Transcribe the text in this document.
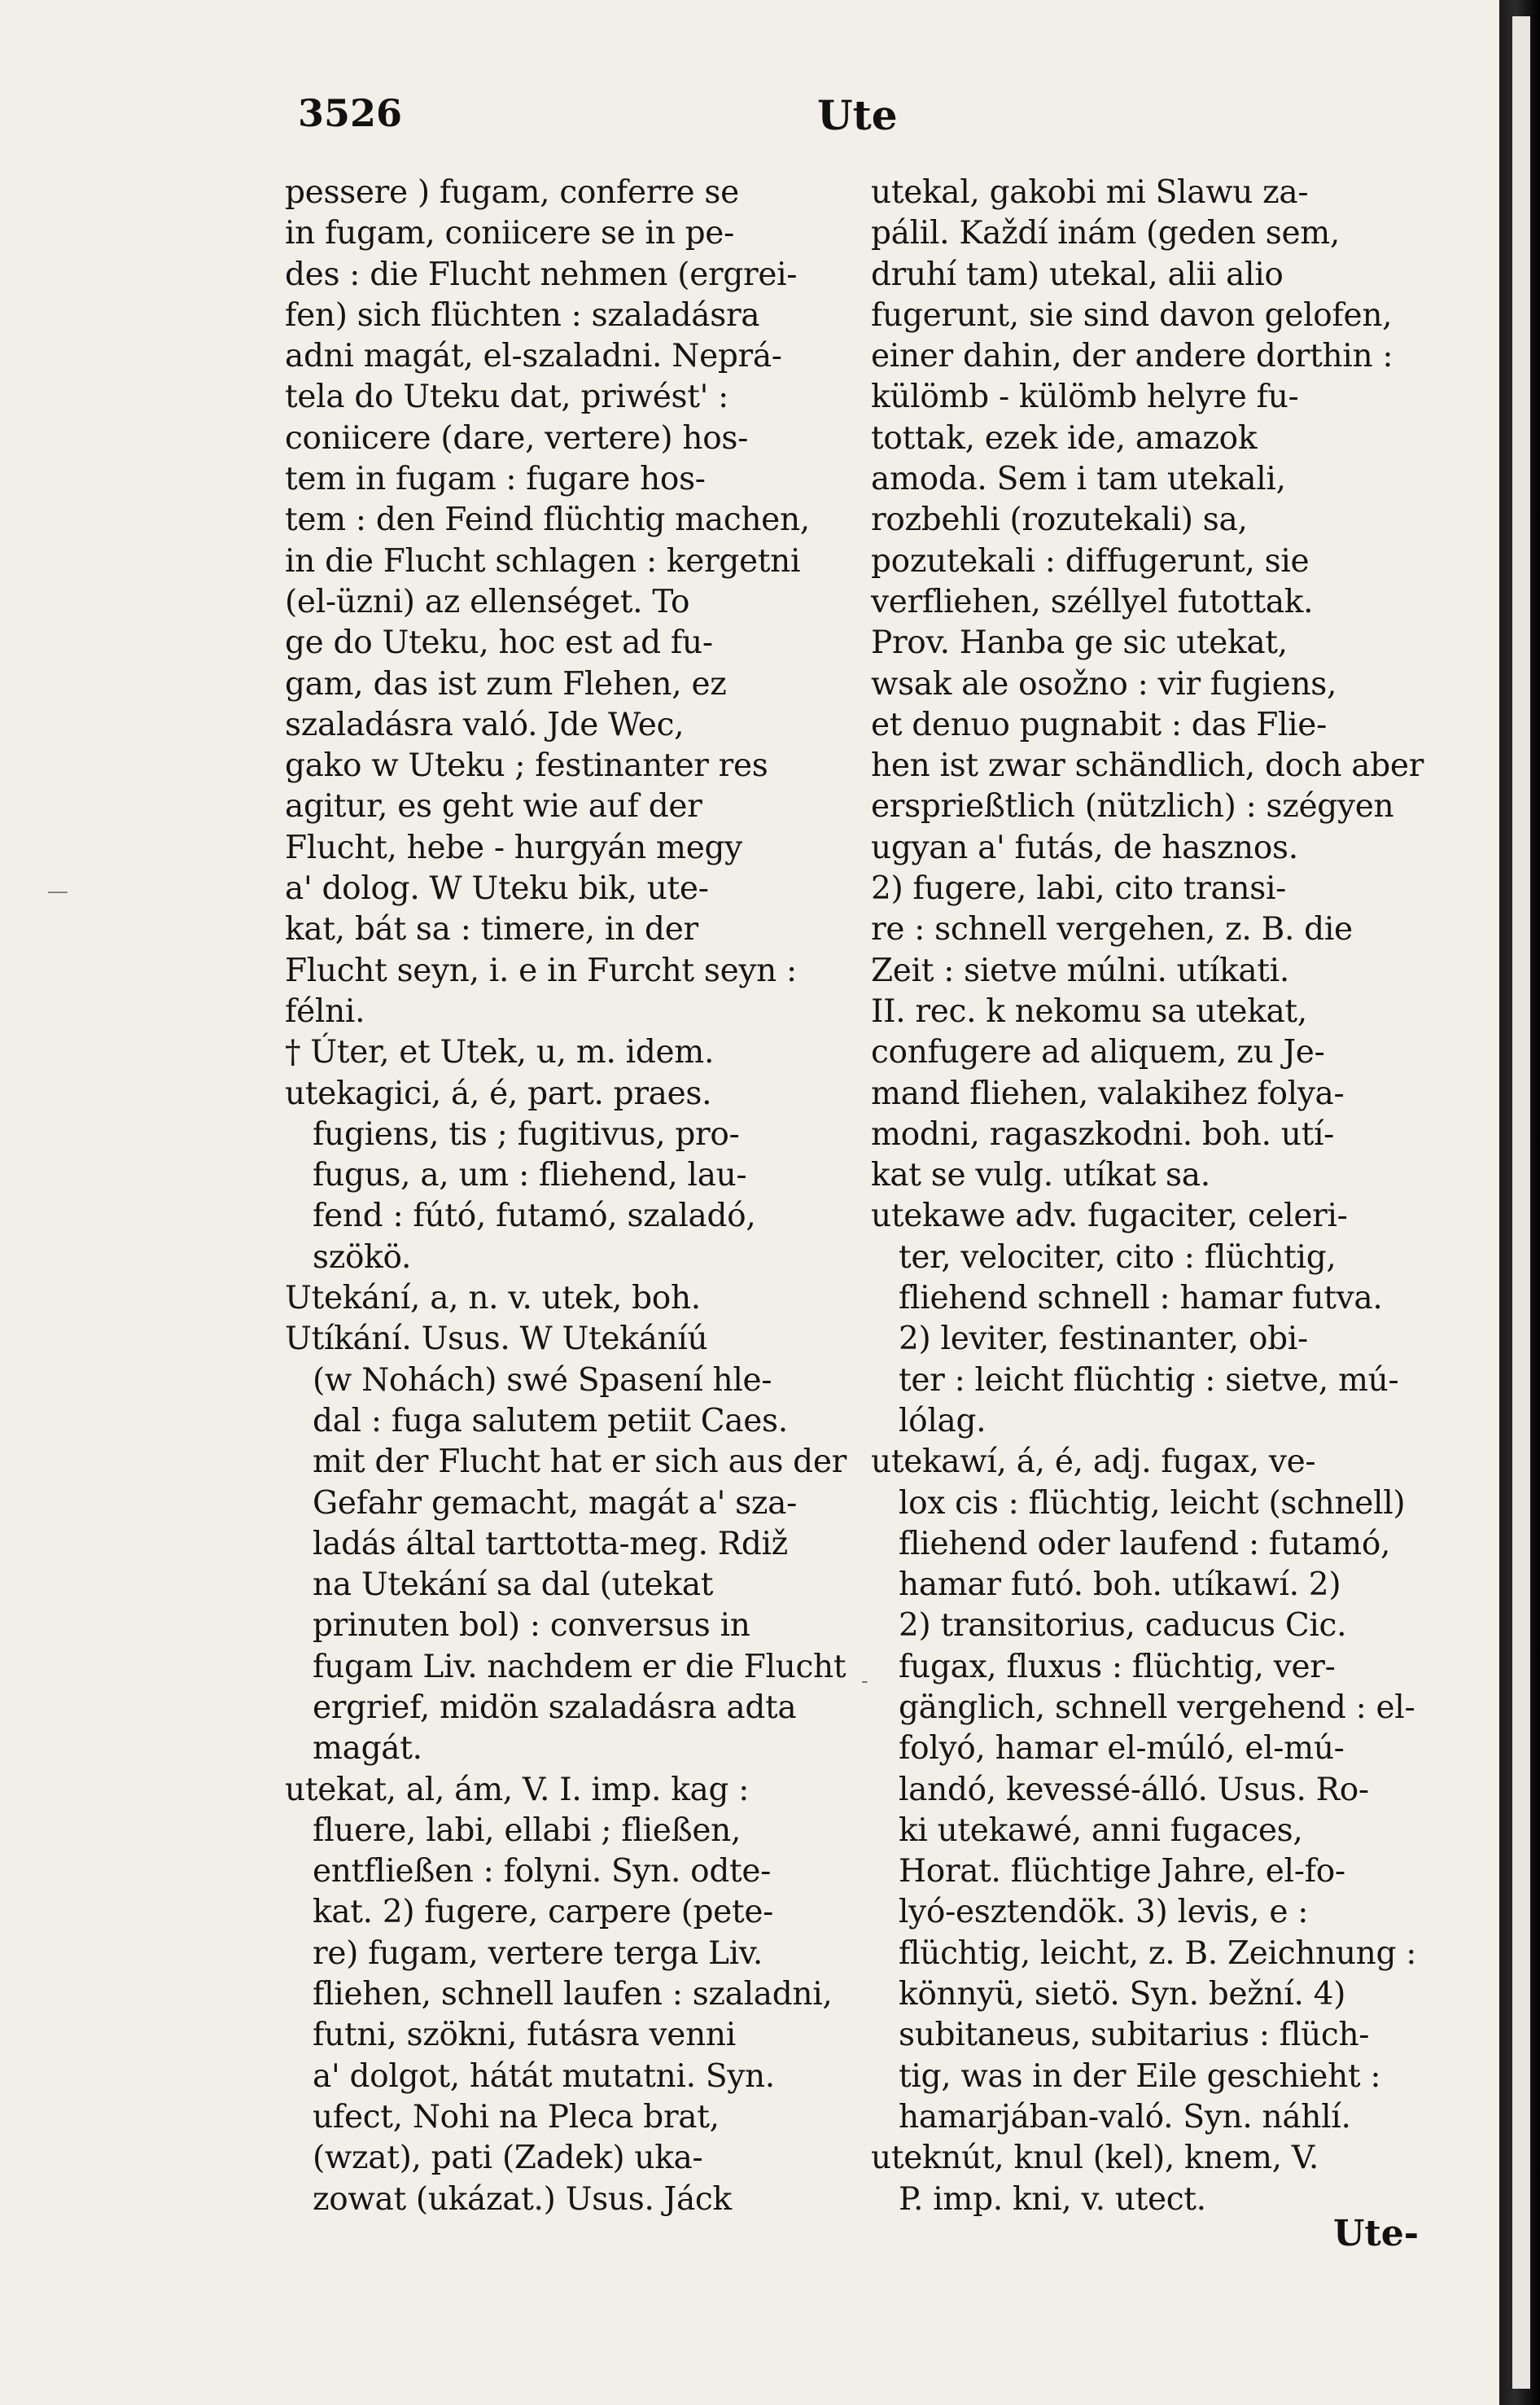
3526	Ute
pessere ) fugam, conferre se
in fugam, coniicere se in pe-
des : die Flucht nehmen (ergrei-
fen) sich flüchten : szaladásra
adni magát, el-szaladni. Neprá-
tela do Uteku dat, priwést' :
coniicere (dare, vertere) hos-
tem in fugam : fugare hos-
tem : den Feind flüchtig machen,
in die Flucht schlagen : kergetni
(el-üzni) az ellenséget. To
ge do Uteku, hoc est ad fu-
gam, das ist zum Flehen, ez
szaladásra való. Jde Wec,
gako w Uteku ; festinanter res
agitur, es geht wie auf der
Flucht, hebe - hurgyán megy
a' dolog. W Uteku bik, ute-
kat, bát sa : timere, in der
Flucht seyn, i. e in Furcht seyn :
félni.
† Úter, et Utek, u, m. idem.
utekagici, á, é, part. praes.
fugiens, tis ; fugitivus, pro-
fugus, a, um : fliehend, lau-
fend : fútó, futamó, szaladó,
szökö.
Utekání, a, n. v. utek, boh.
Utíkání. Usus. W Utekáníú
(w Nohách) swé Spasení hle-
dal : fuga salutem petiit Caes.
mit der Flucht hat er sich aus der
Gefahr gemacht, magát a' sza-
ladás által tarttotta-meg. Rdiž
na Utekání sa dal (utekat
prinuten bol) : conversus in
fugam Liv. nachdem er die Flucht
ergrief, midön szaladásra adta
magát.
utekat, al, ám, V. I. imp. kag :
fluere, labi, ellabi ; fließen,
entfließen : folyni. Syn. odte-
kat. 2) fugere, carpere (pete-
re) fugam, vertere terga Liv.
fliehen, schnell laufen : szaladni,
futni, szökni, futásra venni
a' dolgot, hátát mutatni. Syn.
ufect, Nohi na Pleca brat,
(wzat), pati (Zadek) uka-
zowat (ukázat.) Usus. Jáck
utekal, gakobi mi Slawu za-
pálil. Každí inám (geden sem,
druhí tam) utekal, alii alio
fugerunt, sie sind davon gelofen,
einer dahin, der andere dorthin :
külömb - külömb helyre fu-
tottak, ezek ide, amazok
amoda. Sem i tam utekali,
rozbehli (rozutekali) sa,
pozutekali : diffugerunt, sie
verfliehen, széllyel futottak.
Prov. Hanba ge sic utekat,
wsak ale osožno : vir fugiens,
et denuo pugnabit : das Flie-
hen ist zwar schändlich, doch aber
ersprießtlich (nützlich) : szégyen
ugyan a' futás, de hasznos.
2) fugere, labi, cito transi-
re : schnell vergehen, z. B. die
Zeit : sietve múlni. utíkati.
II. rec. k nekomu sa utekat,
confugere ad aliquem, zu Je-
mand fliehen, valakihez folya-
modni, ragaszkodni. boh. utí-
kat se vulg. utíkat sa.
utekawe adv. fugaciter, celeri-
ter, velociter, cito : flüchtig,
fliehend schnell : hamar futva.
2) leviter, festinanter, obi-
ter : leicht flüchtig : sietve, mú-
lólag.
utekawí, á, é, adj. fugax, ve-
lox cis : flüchtig, leicht (schnell)
fliehend oder laufend : futamó,
hamar futó. boh. utíkawí. 2)
2) transitorius, caducus Cic.
fugax, fluxus : flüchtig, ver-
gänglich, schnell vergehend : el-
folyó, hamar el-múló, el-mú-
landó, kevessé-álló. Usus. Ro-
ki utekawé, anni fugaces,
Horat. flüchtige Jahre, el-fo-
lyó-esztendök. 3) levis, e :
flüchtig, leicht, z. B. Zeichnung :
könnyü, sietö. Syn. bežní. 4)
subitaneus, subitarius : flüch-
tig, was in der Eile geschieht :
hamarjában-való. Syn. náhlí.
uteknút, knul (kel), knem, V.
P. imp. kni, v. utect.
Ute-
—
-
